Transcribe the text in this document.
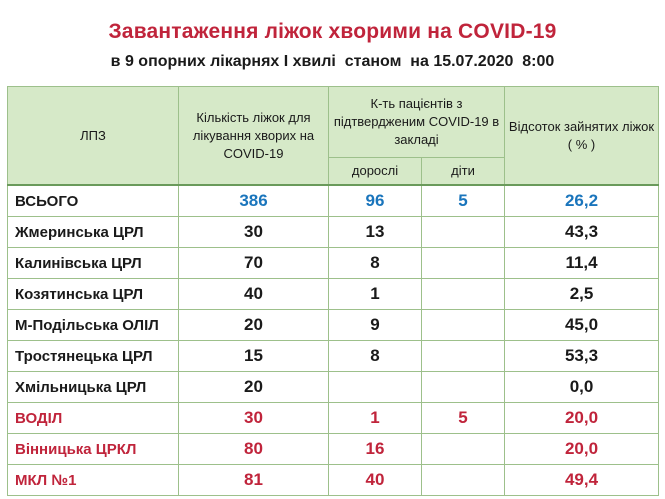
Завантаження ліжок хворими на COVID-19
в 9 опорних лікарнях I хвилі  станом  на 15.07.2020  8:00
ЛПЗ	Кількість ліжок для лікування хворих на COVID-19	К-ть пацієнтів з підтвердженим COVID-19 в закладі		Відсоток зайнятих ліжок
( % )
		дорослі	діти	
ВСЬОГО	386	96	5	26,2
Жмеринська ЦРЛ	30	13		43,3
Калинівська ЦРЛ	70	8		11,4
Козятинська ЦРЛ	40	1		2,5
М-Подільська ОЛІЛ	20	9		45,0
Тростянецька ЦРЛ	15	8		53,3
Хмільницька ЦРЛ	20			0,0
ВОДІЛ	30	1	5	20,0
Вінницька ЦРКЛ	80	16		20,0
МКЛ №1	81	40		49,4
